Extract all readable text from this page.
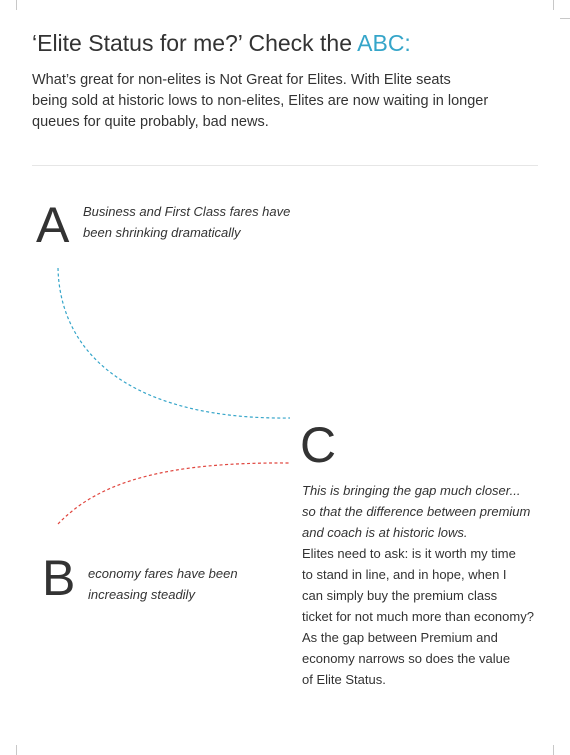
‘Elite Status for me?’ Check the ABC:
What’s great for non-elites is Not Great for Elites. With Elite seats
being sold at historic lows to non-elites, Elites are now waiting in longer
queues for quite probably, bad news.
A Business and First Class fares have
been shrinking dramatically
B economy fares have been
increasing steadily
C
This is bringing the gap much closer...
so that the difference between premium
and coach is at historic lows.
Elites need to ask: is it worth my time
to stand in line, and in hope, when I
can simply buy the premium class
ticket for not much more than economy?
As the gap between Premium and
economy narrows so does the value
of Elite Status.
